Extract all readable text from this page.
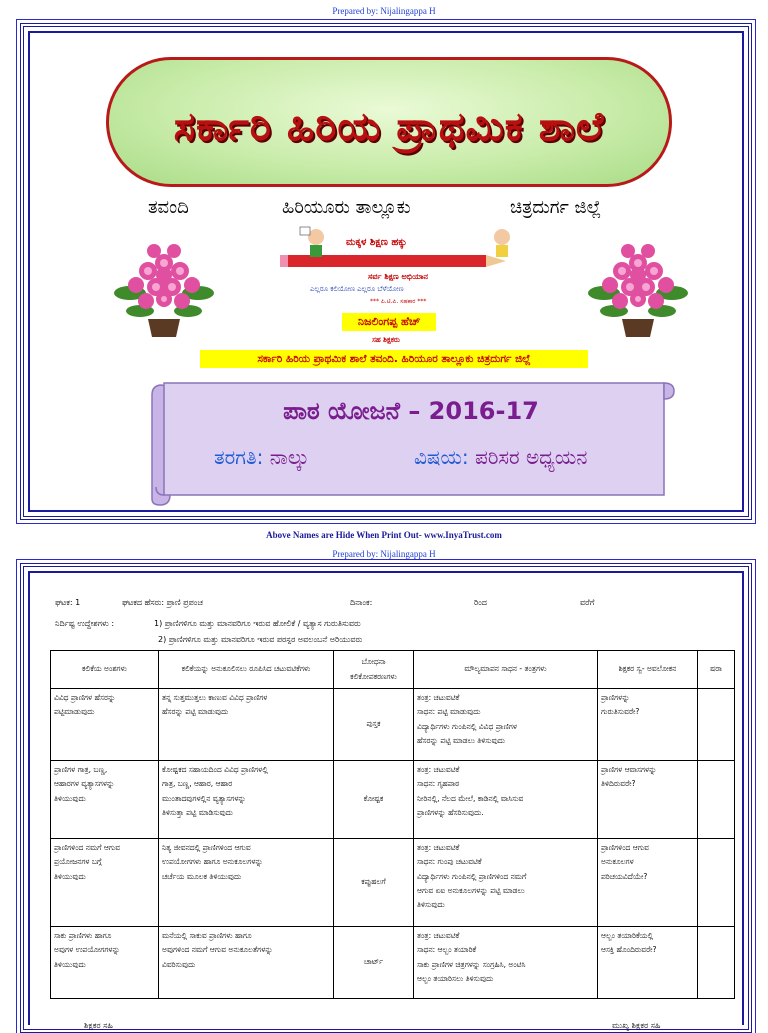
Prepared by: Nijalingappa H
ಸರ್ಕಾರಿ ಹಿರಿಯ ಪ್ರಾಥಮಿಕ ಶಾಲೆ
ತವಂದಿ	ಹಿರಿಯೂರು ತಾಲ್ಲೂಕು	ಚಿತ್ರದುರ್ಗ ಜಿಲ್ಲೆ
ಮಕ್ಕಳ ಶಿಕ್ಷಣ ಹಕ್ಕು
ಸರ್ವ ಶಿಕ್ಷಣ ಅಭಿಯಾನ
ಎಲ್ಲರೂ ಕಲಿಯೋಣ ಎಲ್ಲರೂ ಬೆಳೆಯೋಣ
*** ಪಿ.ಟಿ.ಪಿ. ಸಹಕಾರ ***
ನಿಜಲಿಂಗಪ್ಪ ಹೆಚ್
ಸಹ ಶಿಕ್ಷಕರು
ಸರ್ಕಾರಿ ಹಿರಿಯ ಪ್ರಾಥಮಿಕ ಶಾಲೆ ತವಂದಿ. ಹಿರಿಯೂರ ತಾಲ್ಲೂಕು ಚಿತ್ರದುರ್ಗ ಜಿಲ್ಲೆ
ಪಾಠ ಯೋಜನೆ – 2016-17
ತರಗತಿ: ನಾಲ್ಕು	ವಿಷಯ: ಪರಿಸರ ಅಧ್ಯಯನ
Above Names are Hide When Print Out- www.InyaTrust.com
Prepared by: Nijalingappa H
ಘಟಕ: 1	ಘಟಕದ ಹೆಸರು: ಪ್ರಾಣಿ ಪ್ರಪಂಚ	ದಿನಾಂಕ:	ರಿಂದ	ವರೆಗೆ
ನಿರ್ದಿಷ್ಟ ಉದ್ದೇಶಗಳು :	1) ಪ್ರಾಣಿಗಳಿಗೂ ಮತ್ತು ಮಾನವರಿಗೂ ಇರುವ ಹೋಲಿಕೆ / ವ್ಯತ್ಯಾಸ ಗುರುತಿಸುವರು
2) ಪ್ರಾಣಿಗಳಿಗೂ ಮತ್ತು ಮಾನವರಿಗೂ ಇರುವ ಪರಸ್ಪರ ಅವಲಂಬನೆ ಅರಿಯುವರು
ಕಲಿಕೆಯ ಅಂಶಗಳು	ಕಲಿಕೆಯನ್ನು ಅನುಕೂಲಿಸಲು ರೂಪಿಸಿದ ಚಟುವಟಿಕೆಗಳು	ಬೋಧನಾ ಕಲಿಕೋಪಕರಣಗಳು	ಮೌಲ್ಯಮಾಪನ ಸಾಧನ - ತಂತ್ರಗಳು	ಶಿಕ್ಷಕರ ಸ್ವ- ಅವಲೋಕನ	ಷರಾ

ವಿವಿಧ ಪ್ರಾಣಿಗಳ ಹೆಸರನ್ನು
ಪಟ್ಟಿಮಾಡುವುದು	ತನ್ನ ಸುತ್ತಮುತ್ತಲು ಕಾಣುವ ವಿವಿಧ ಪ್ರಾಣಿಗಳ
ಹೆಸರನ್ನು ಪಟ್ಟಿ ಮಾಡುವುದು	ಪುಸ್ತಕ	ತಂತ್ರ: ಚಟುವಟಿಕೆ
ಸಾಧನ: ಪಟ್ಟಿ ಮಾಡುವುದು
ವಿದ್ಯಾರ್ಥಿಗಳು ಗುಂಪಿನಲ್ಲಿ ವಿವಿಧ ಪ್ರಾಣಿಗಳ
ಹೆಸರನ್ನು ಪಟ್ಟಿ ಮಾಡಲು ತಿಳಿಸುವುದು	ಪ್ರಾಣಿಗಳನ್ನು
ಗುರುತಿಸುವರೇ?	

ಪ್ರಾಣಿಗಳ ಗಾತ್ರ, ಬಣ್ಣ,
ಆಹಾರಗಳ ವ್ಯತ್ಯಾಸಗಳನ್ನು
ತಿಳಿಯುವುದು	ಕೋಷ್ಟಕದ ಸಹಾಯದಿಂದ ವಿವಿಧ ಪ್ರಾಣಿಗಳಲ್ಲಿ
ಗಾತ್ರ, ಬಣ್ಣ, ಆಹಾರ, ಆಹಾರ
ಮುಂತಾದವುಗಳಲ್ಲಿನ ವ್ಯತ್ಯಾಸಗಳನ್ನು
ತಿಳಿಸುತ್ತಾ ಪಟ್ಟಿ ಮಾಡಿಸುವುದು	ಕೋಷ್ಟಕ	ತಂತ್ರ: ಚಟುವಟಿಕೆ
ಸಾಧನ: ಗೃಹಪಾಠ
ನೀರಿನಲ್ಲಿ, ನೆಲದ ಮೇಲೆ, ಕಾಡಿನಲ್ಲಿ ವಾಸಿಸುವ
ಪ್ರಾಣಿಗಳನ್ನು ಹೆಸರಿಸುವುದು.	ಪ್ರಾಣಿಗಳ ಆವಾಸಗಳನ್ನು
ತಿಳಿದಿರುವರೇ?	

ಪ್ರಾಣಿಗಳಿಂದ ನಮಗೆ ಆಗುವ
ಪ್ರಯೋಜನಗಳ ಬಗ್ಗೆ
ತಿಳಿಯುವುದು	ನಿತ್ಯ ಜೀವನದಲ್ಲಿ ಪ್ರಾಣಿಗಳಿಂದ ಆಗುವ
ಉಪಯೋಗಗಳು ಹಾಗೂ ಅನುಕೂಲಗಳನ್ನು
ಚರ್ಚೆಯ ಮೂಲಕ ತಿಳಿಯುವುದು	ಕಪ್ಪುಹಲಗೆ	ತಂತ್ರ: ಚಟುವಟಿಕೆ
ಸಾಧನ: ಗುಂಪು ಚಟುವಟಿಕೆ
ವಿದ್ಯಾರ್ಥಿಗಳು ಗುಂಪಿನಲ್ಲಿ ಪ್ರಾಣಿಗಳಿಂದ ನಮಗೆ
ಆಗುವ ಏಐ ಅನುಕೂಲಗಳನ್ನು ಪಟ್ಟಿ ಮಾಡಲು
ತಿಳಿಸುವುದು	ಪ್ರಾಣಿಗಳಿಂದ ಆಗುವ
ಅನುಕೂಲಗಳ
ಪರಿಚಯವಿದೆಯೇ?	

ಸಾಕು ಪ್ರಾಣಿಗಳು ಹಾಗೂ
ಅವುಗಳ ಉಪಯೋಗಗಳನ್ನು
ತಿಳಿಯುವುದು	ಮನೆಯಲ್ಲಿ ಸಾಕುವ ಪ್ರಾಣಿಗಳು ಹಾಗೂ
ಅವುಗಳಿಂದ ನಮಗೆ ಆಗುವ ಅನುಕೂಲತೆಗಳನ್ನು
ವಿವರಿಸುವುದು	ಚಾರ್ಟ್	ತಂತ್ರ: ಚಟುವಟಿಕೆ
ಸಾಧನ: ಆಲ್ಬಂ ತಯಾರಿಕೆ
ಸಾಕು ಪ್ರಾಣಿಗಳ ಚಿತ್ರಗಳನ್ನು ಸಂಗ್ರಹಿಸಿ, ಅಂಟಿಸಿ
ಆಲ್ಬಂ ತಯಾರಿಸಲು ತಿಳಿಸುವುದು	ಆಲ್ಬಂ ತಯಾರಿಕೆಯಲ್ಲಿ
ಆಸಕ್ತಿ ಹೊಂದಿರುವರೇ?	

ಶಿಕ್ಷಕರ ಸಹಿ	ಮುಖ್ಯ ಶಿಕ್ಷಕರ ಸಹಿ
